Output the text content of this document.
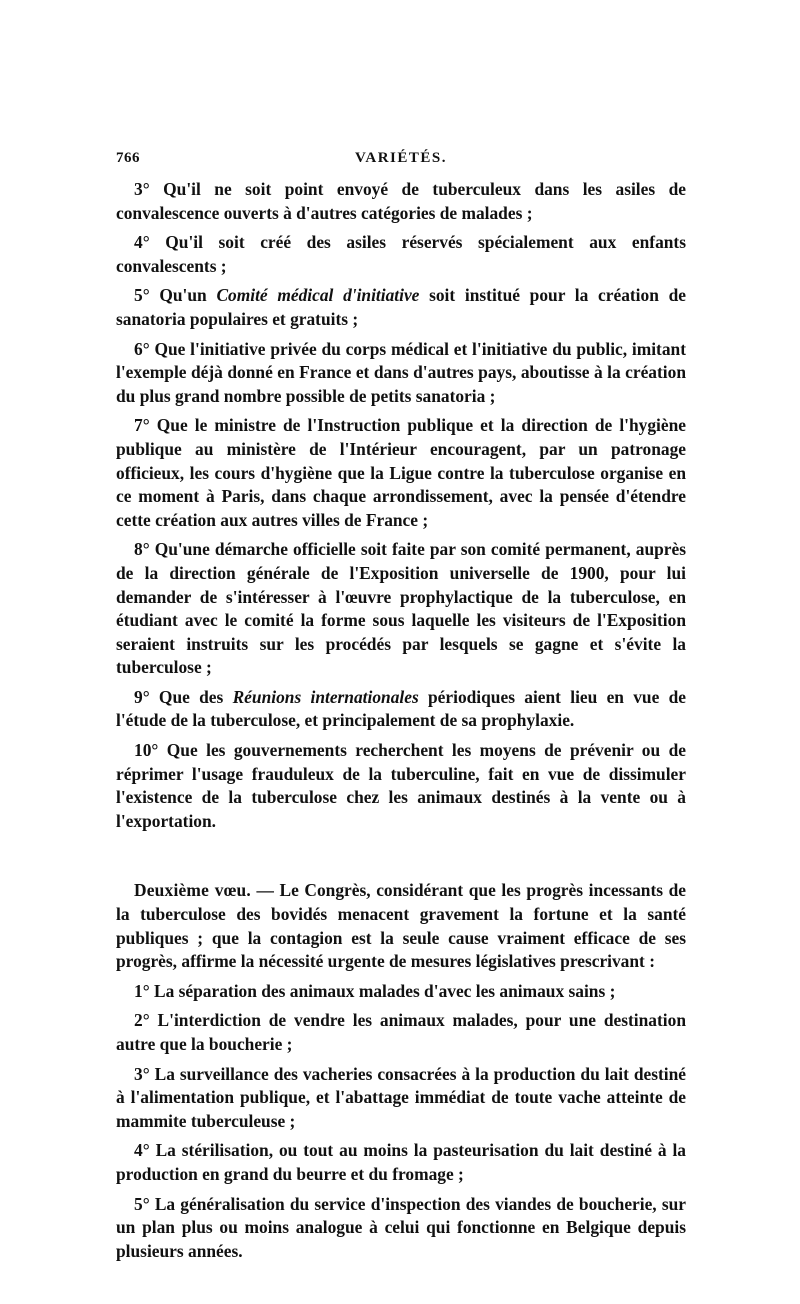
766	VARIÉTÉS.

3° Qu'il ne soit point envoyé de tuberculeux dans les asiles de convalescence ouverts à d'autres catégories de malades ;

4° Qu'il soit créé des asiles réservés spécialement aux enfants convalescents ;

5° Qu'un Comité médical d'initiative soit institué pour la création de sanatoria populaires et gratuits ;

6° Que l'initiative privée du corps médical et l'initiative du public, imitant l'exemple déjà donné en France et dans d'autres pays, aboutisse à la création du plus grand nombre possible de petits sanatoria ;

7° Que le ministre de l'Instruction publique et la direction de l'hygiène publique au ministère de l'Intérieur encouragent, par un patronage officieux, les cours d'hygiène que la Ligue contre la tuberculose organise en ce moment à Paris, dans chaque arrondissement, avec la pensée d'étendre cette création aux autres villes de France ;

8° Qu'une démarche officielle soit faite par son comité permanent, auprès de la direction générale de l'Exposition universelle de 1900, pour lui demander de s'intéresser à l'œuvre prophylactique de la tuberculose, en étudiant avec le comité la forme sous laquelle les visiteurs de l'Exposition seraient instruits sur les procédés par lesquels se gagne et s'évite la tuberculose ;

9° Que des Réunions internationales périodiques aient lieu en vue de l'étude de la tuberculose, et principalement de sa prophylaxie.

10° Que les gouvernements recherchent les moyens de prévenir ou de réprimer l'usage frauduleux de la tuberculine, fait en vue de dissimuler l'existence de la tuberculose chez les animaux destinés à la vente ou à l'exportation.

Deuxième vœu. — Le Congrès, considérant que les progrès incessants de la tuberculose des bovidés menacent gravement la fortune et la santé publiques ; que la contagion est la seule cause vraiment efficace de ses progrès, affirme la nécessité urgente de mesures législatives prescrivant :

1° La séparation des animaux malades d'avec les animaux sains ;

2° L'interdiction de vendre les animaux malades, pour une destination autre que la boucherie ;

3° La surveillance des vacheries consacrées à la production du lait destiné à l'alimentation publique, et l'abattage immédiat de toute vache atteinte de mammite tuberculeuse ;

4° La stérilisation, ou tout au moins la pasteurisation du lait destiné à la production en grand du beurre et du fromage ;

5° La généralisation du service d'inspection des viandes de boucherie, sur un plan plus ou moins analogue à celui qui fonctionne en Belgique depuis plusieurs années.
